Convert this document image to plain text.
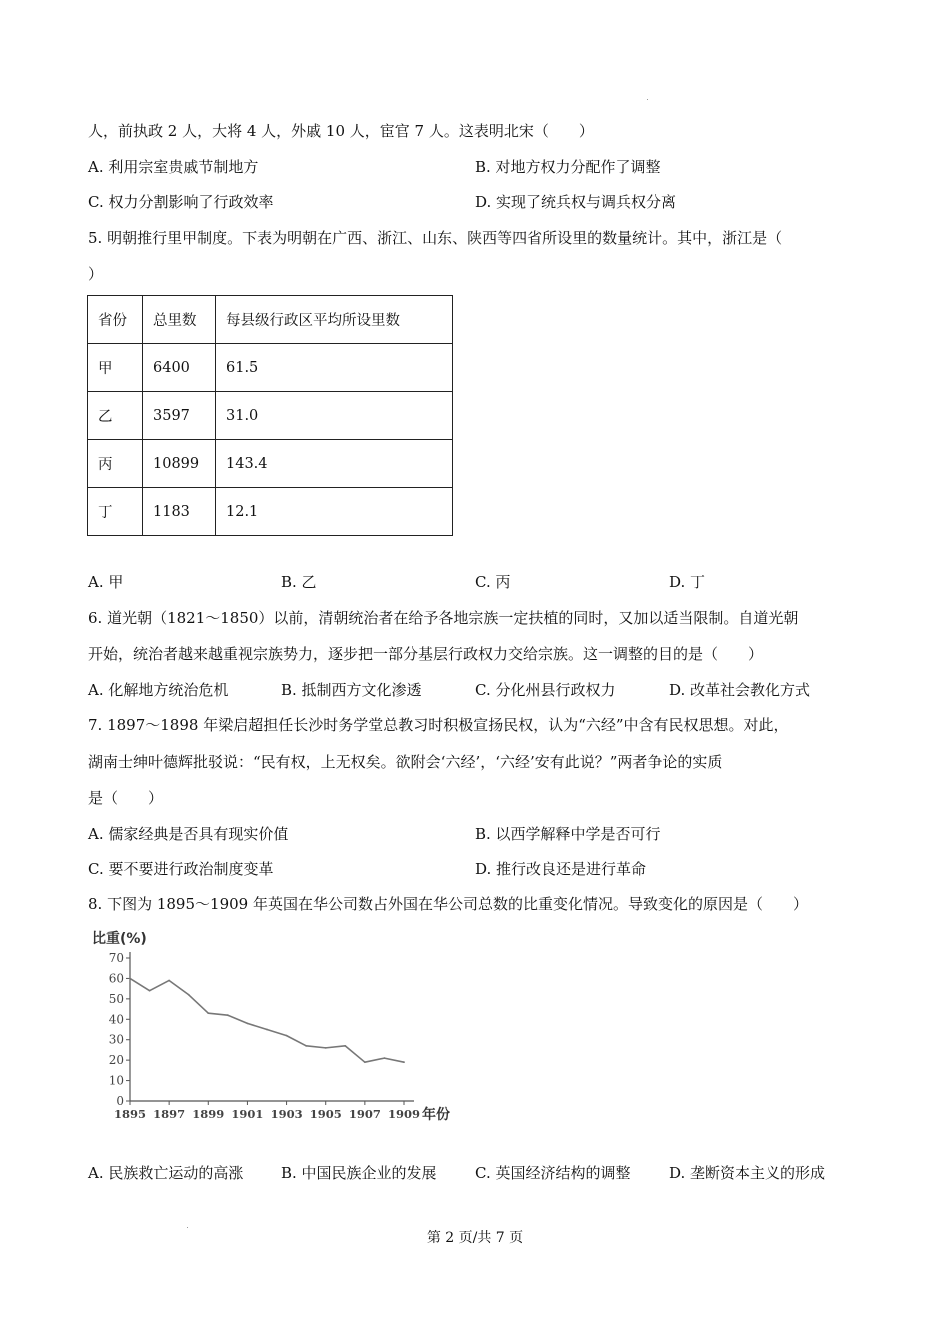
人，前执政 2 人，大将 4 人，外戚 10 人，宦官 7 人。这表明北宋（　　）
A. 利用宗室贵戚节制地方	B. 对地方权力分配作了调整
C. 权力分割影响了行政效率	D. 实现了统兵权与调兵权分离
5. 明朝推行里甲制度。下表为明朝在广西、浙江、山东、陕西等四省所设里的数量统计。其中，浙江是（
）
省份	总里数	每县级行政区平均所设里数
甲	6400	61.5
乙	3597	31.0
丙	10899	143.4
丁	1183	12.1
A. 甲	B. 乙	C. 丙	D. 丁
6. 道光朝（1821～1850）以前，清朝统治者在给予各地宗族一定扶植的同时，又加以适当限制。自道光朝
开始，统治者越来越重视宗族势力，逐步把一部分基层行政权力交给宗族。这一调整的目的是（　　）
A. 化解地方统治危机	B. 抵制西方文化渗透	C. 分化州县行政权力	D. 改革社会教化方式
7. 1897～1898 年梁启超担任长沙时务学堂总教习时积极宣扬民权，认为“六经”中含有民权思想。对此，
湖南士绅叶德辉批驳说：“民有权，上无权矣。欲附会‘六经’，‘六经’安有此说？”两者争论的实质
是（　　）
A. 儒家经典是否具有现实价值	B. 以西学解释中学是否可行
C. 要不要进行政治制度变革	D. 推行改良还是进行革命
8. 下图为 1895～1909 年英国在华公司数占外国在华公司总数的比重变化情况。导致变化的原因是（　　）
0
10
20
30
40
50
60
70
1895 1897 1899 1901 1903 1905 1907 1909
比重(%)
年份
A. 民族救亡运动的高涨	B. 中国民族企业的发展	C. 英国经济结构的调整	D. 垄断资本主义的形成
第 2 页/共 7 页
